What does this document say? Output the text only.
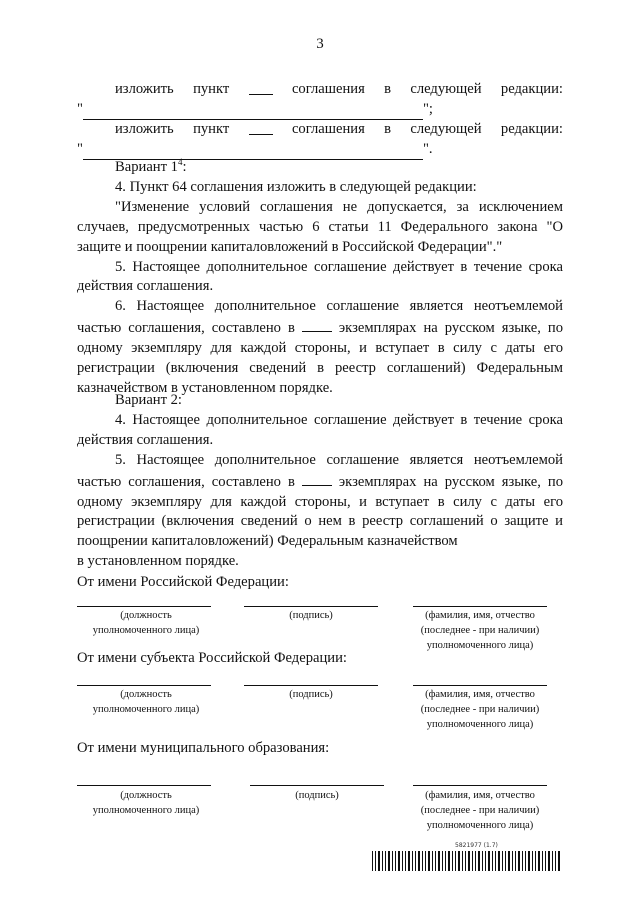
3
изложить пункт	соглашения в следующей редакции:
"	";
изложить пункт	соглашения в следующей редакции:
"	".
Вариант $1^4$:
4. Пункт 64 соглашения изложить в следующей редакции:
"Изменение условий соглашения не допускается, за исключением случаев, предусмотренных частью 6 статьи 11 Федерального закона "О защите и поощрении капиталовложений в Российской Федерации"."
5. Настоящее дополнительное соглашение действует в течение срока действия соглашения.
6. Настоящее дополнительное соглашение является неотъемлемой частью соглашения, составлено в	экземплярах на русском языке, по одному экземпляру для каждой стороны, и вступает в силу с даты его регистрации (включения сведений в реестр соглашений) Федеральным казначейством в установленном порядке.
Вариант 2:
4. Настоящее дополнительное соглашение действует в течение срока действия соглашения.
5. Настоящее дополнительное соглашение является неотъемлемой частью соглашения, составлено в	экземплярах на русском языке, по одному экземпляру для каждой стороны, и вступает в силу с даты его регистрации (включения сведений о нем в реестр соглашений о защите и поощрении капиталовложений) Федеральным казначейством
в установленном порядке.
От имени Российской Федерации:
(должность
уполномоченного лица)
(подпись)	(фамилия, имя, отчество
(последнее - при наличии)
уполномоченного лица)
От имени субъекта Российской Федерации:
(должность
уполномоченного лица)
(подпись)	(фамилия, имя, отчество
(последнее - при наличии)
уполномоченного лица)
От имени муниципального образования:
(должность
уполномоченного лица)
(подпись)	(фамилия, имя, отчество
(последнее - при наличии)
уполномоченного лица)
5821977 (1.7)
